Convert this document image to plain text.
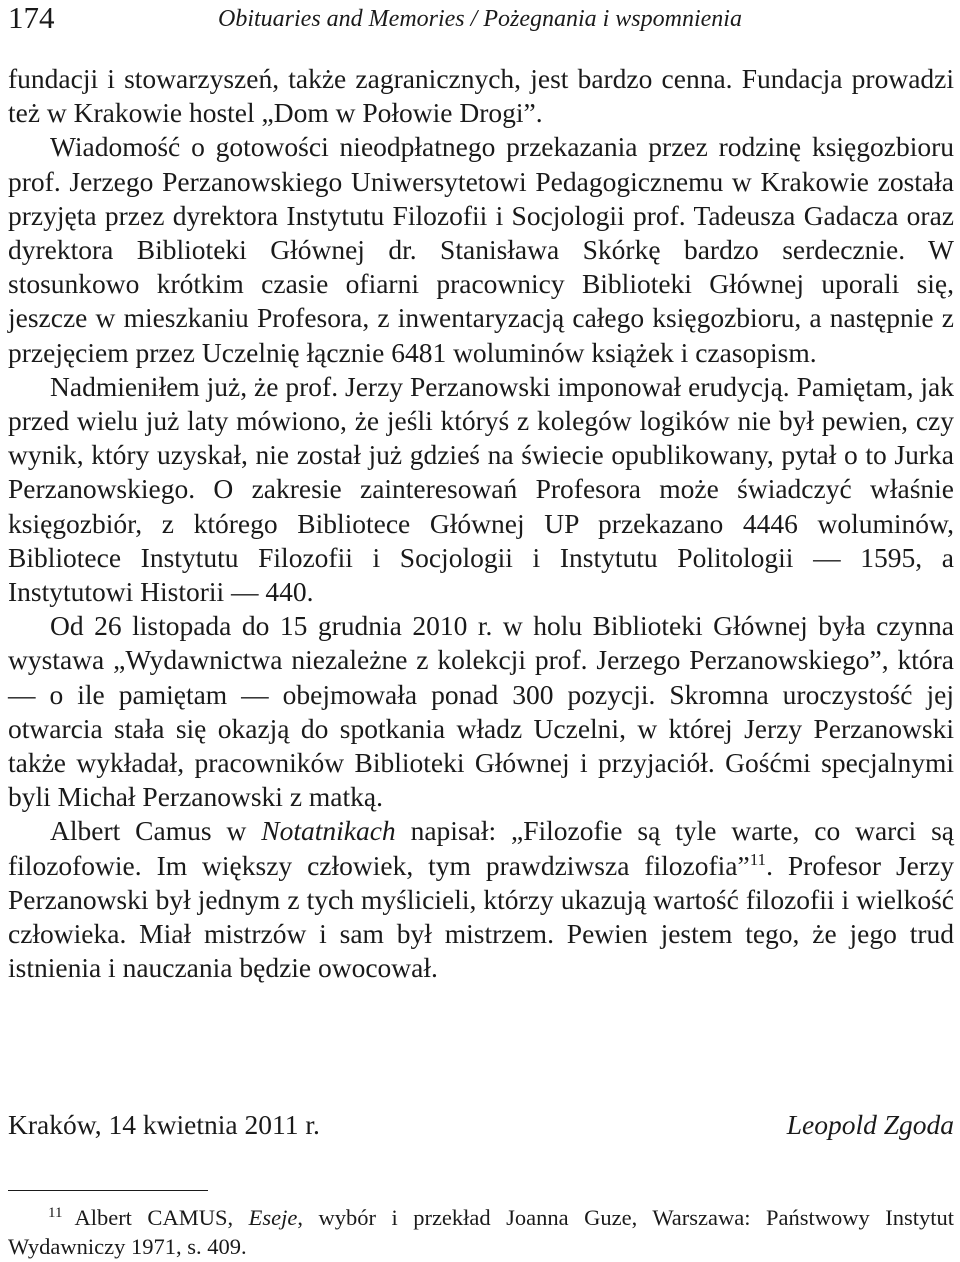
174	Obituaries and Memories / Pożegnania i wspomnienia

fundacji i stowarzyszeń, także zagranicznych, jest bardzo cenna. Fundacja prowadzi też w Krakowie hostel „Dom w Połowie Drogi”.

Wiadomość o gotowości nieodpłatnego przekazania przez rodzinę księgozbioru prof. Jerzego Perzanowskiego Uniwersytetowi Pedagogicznemu w Krakowie została przyjęta przez dyrektora Instytutu Filozofii i Socjologii prof. Tadeusza Gadacza oraz dyrektora Biblioteki Głównej dr. Stanisława Skórkę bardzo serdecznie. W stosunkowo krótkim czasie ofiarni pracownicy Biblioteki Głównej uporali się, jeszcze w mieszkaniu Profesora, z inwentaryzacją całego księgozbioru, a następnie z przejęciem przez Uczelnię łącznie 6481 woluminów książek i czasopism.

Nadmieniłem już, że prof. Jerzy Perzanowski imponował erudycją. Pamiętam, jak przed wielu już laty mówiono, że jeśli któryś z kolegów logików nie był pewien, czy wynik, który uzyskał, nie został już gdzieś na świecie opublikowany, pytał o to Jurka Perzanowskiego. O zakresie zainteresowań Profesora może świadczyć właśnie księgozbiór, z którego Bibliotece Głównej UP przekazano 4446 woluminów, Bibliotece Instytutu Filozofii i Socjologii i Instytutu Politologii — 1595, a Instytutowi Historii — 440.

Od 26 listopada do 15 grudnia 2010 r. w holu Biblioteki Głównej była czynna wystawa „Wydawnictwa niezależne z kolekcji prof. Jerzego Perzanowskiego”, która — o ile pamiętam — obejmowała ponad 300 pozycji. Skromna uroczystość jej otwarcia stała się okazją do spotkania władz Uczelni, w której Jerzy Perzanowski także wykładał, pracowników Biblioteki Głównej i przyjaciół. Gośćmi specjalnymi byli Michał Perzanowski z matką.

Albert Camus w Notatnikach napisał: „Filozofie są tyle warte, co warci są filozofowie. Im większy człowiek, tym prawdziwsza filozofia”$^{11}$. Profesor Jerzy Perzanowski był jednym z tych myślicieli, którzy ukazują wartość filozofii i wielkość człowieka. Miał mistrzów i sam był mistrzem. Pewien jestem tego, że jego trud istnienia i nauczania będzie owocował.

Kraków, 14 kwietnia 2011 r.	Leopold Zgoda

$^{11}$ Albert CAMUS, Eseje, wybór i przekład Joanna Guze, Warszawa: Państwowy Instytut Wydawniczy 1971, s. 409.
